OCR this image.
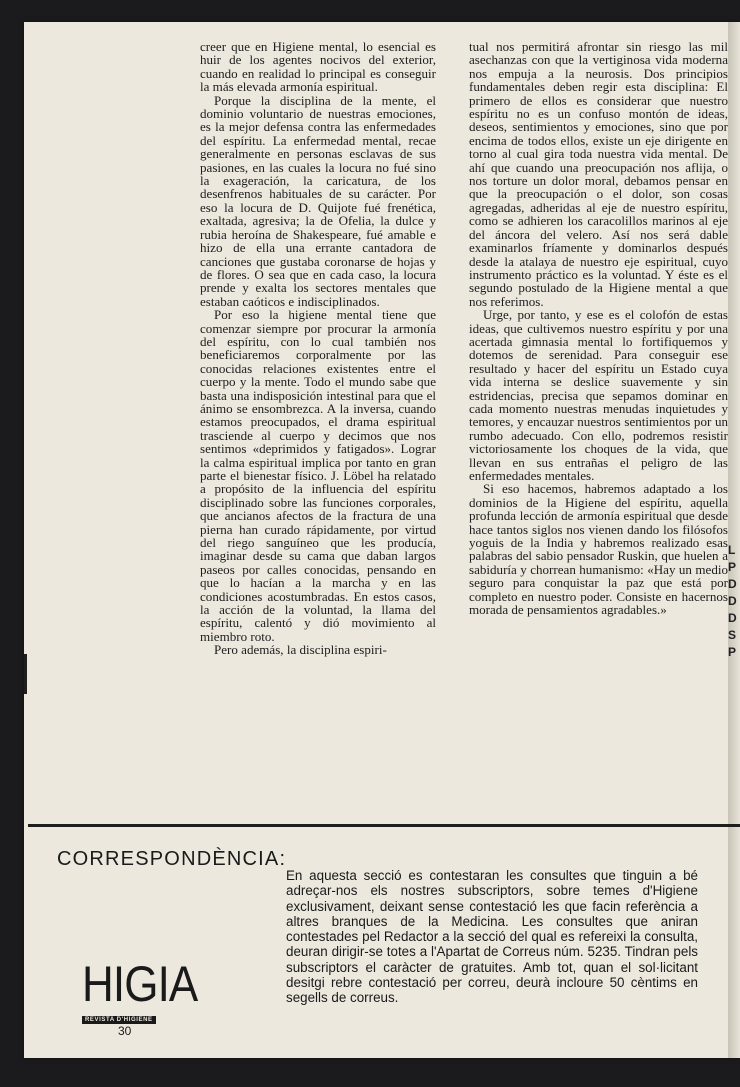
creer que en Higiene mental, lo esencial es huir de los agentes nocivos del exterior, cuando en realidad lo principal es conseguir la más elevada armonía espiritual.

Porque la disciplina de la mente, el dominio voluntario de nuestras emociones, es la mejor defensa contra las enfermedades del espíritu. La enfermedad mental, recae generalmente en personas esclavas de sus pasiones, en las cuales la locura no fué sino la exageración, la caricatura, de los desenfrenos habituales de su carácter. Por eso la locura de D. Quijote fué frenética, exaltada, agresiva; la de Ofelia, la dulce y rubia heroína de Shakespeare, fué amable e hizo de ella una errante cantadora de canciones que gustaba coronarse de hojas y de flores. O sea que en cada caso, la locura prende y exalta los sectores mentales que estaban caóticos e indisciplinados.

Por eso la higiene mental tiene que comenzar siempre por procurar la armonía del espíritu, con lo cual también nos beneficiaremos corporalmente por las conocidas relaciones existentes entre el cuerpo y la mente. Todo el mundo sabe que basta una indisposición intestinal para que el ánimo se ensombrezca. A la inversa, cuando estamos preocupados, el drama espiritual trasciende al cuerpo y decimos que nos sentimos «deprimidos y fatigados». Lograr la calma espiritual implica por tanto en gran parte el bienestar físico. J. Löbel ha relatado a propósito de la influencia del espíritu disciplinado sobre las funciones corporales, que ancianos afectos de la fractura de una pierna han curado rápidamente, por virtud del riego sanguíneo que les producía, imaginar desde su cama que daban largos paseos por calles conocidas, pensando en que lo hacían a la marcha y en las condiciones acostumbradas. En estos casos, la acción de la voluntad, la llama del espíritu, calentó y dió movimiento al miembro roto.

Pero además, la disciplina espiri-

tual nos permitirá afrontar sin riesgo las mil asechanzas con que la vertiginosa vida moderna nos empuja a la neurosis. Dos principios fundamentales deben regir esta disciplina: El primero de ellos es considerar que nuestro espíritu no es un confuso montón de ideas, deseos, sentimientos y emociones, sino que por encima de todos ellos, existe un eje dirigente en torno al cual gira toda nuestra vida mental. De ahí que cuando una preocupación nos aflija, o nos torture un dolor moral, debamos pensar en que la preocupación o el dolor, son cosas agregadas, adheridas al eje de nuestro espíritu, como se adhieren los caracolillos marinos al eje del áncora del velero. Así nos será dable examinarlos fríamente y dominarlos después desde la atalaya de nuestro eje espiritual, cuyo instrumento práctico es la voluntad. Y éste es el segundo postulado de la Higiene mental a que nos referimos.

Urge, por tanto, y ese es el colofón de estas ideas, que cultivemos nuestro espíritu y por una acertada gimnasia mental lo fortifiquemos y dotemos de serenidad. Para conseguir ese resultado y hacer del espíritu un Estado cuya vida interna se deslice suavemente y sin estridencias, precisa que sepamos dominar en cada momento nuestras menudas inquietudes y temores, y encauzar nuestros sentimientos por un rumbo adecuado. Con ello, podremos resistir victoriosamente los choques de la vida, que llevan en sus entrañas el peligro de las enfermedades mentales.

Si eso hacemos, habremos adaptado a los dominios de la Higiene del espíritu, aquella profunda lección de armonía espiritual que desde hace tantos siglos nos vienen dando los filósofos yoguis de la India y habremos realizado esas palabras del sabio pensador Ruskin, que huelen a sabiduría y chorrean humanismo: «Hay un medio seguro para conquistar la paz que está por completo en nuestro poder. Consiste en hacernos morada de pensamientos agradables.»

L
P
D
D
D
S
P
CORRESPONDÈNCIA:
En aquesta secció es contestaran les consultes que tinguin a bé adreçar-nos els nostres subscriptors, sobre temes d'Higiene exclusivament, deixant sense contestació les que facin referència a altres branques de la Medicina. Les consultes que aniran contestades pel Redactor a la secció del qual es refereixi la consulta, deuran dirigir-se totes a l'Apartat de Correus núm. 5235. Tindran pels subscriptors el caràcter de gratuites. Amb tot, quan el sol·licitant desitgi rebre contestació per correu, deurà incloure 50 cèntims en segells de correus.
HIGIA
REVISTA D'HIGIENE
30
